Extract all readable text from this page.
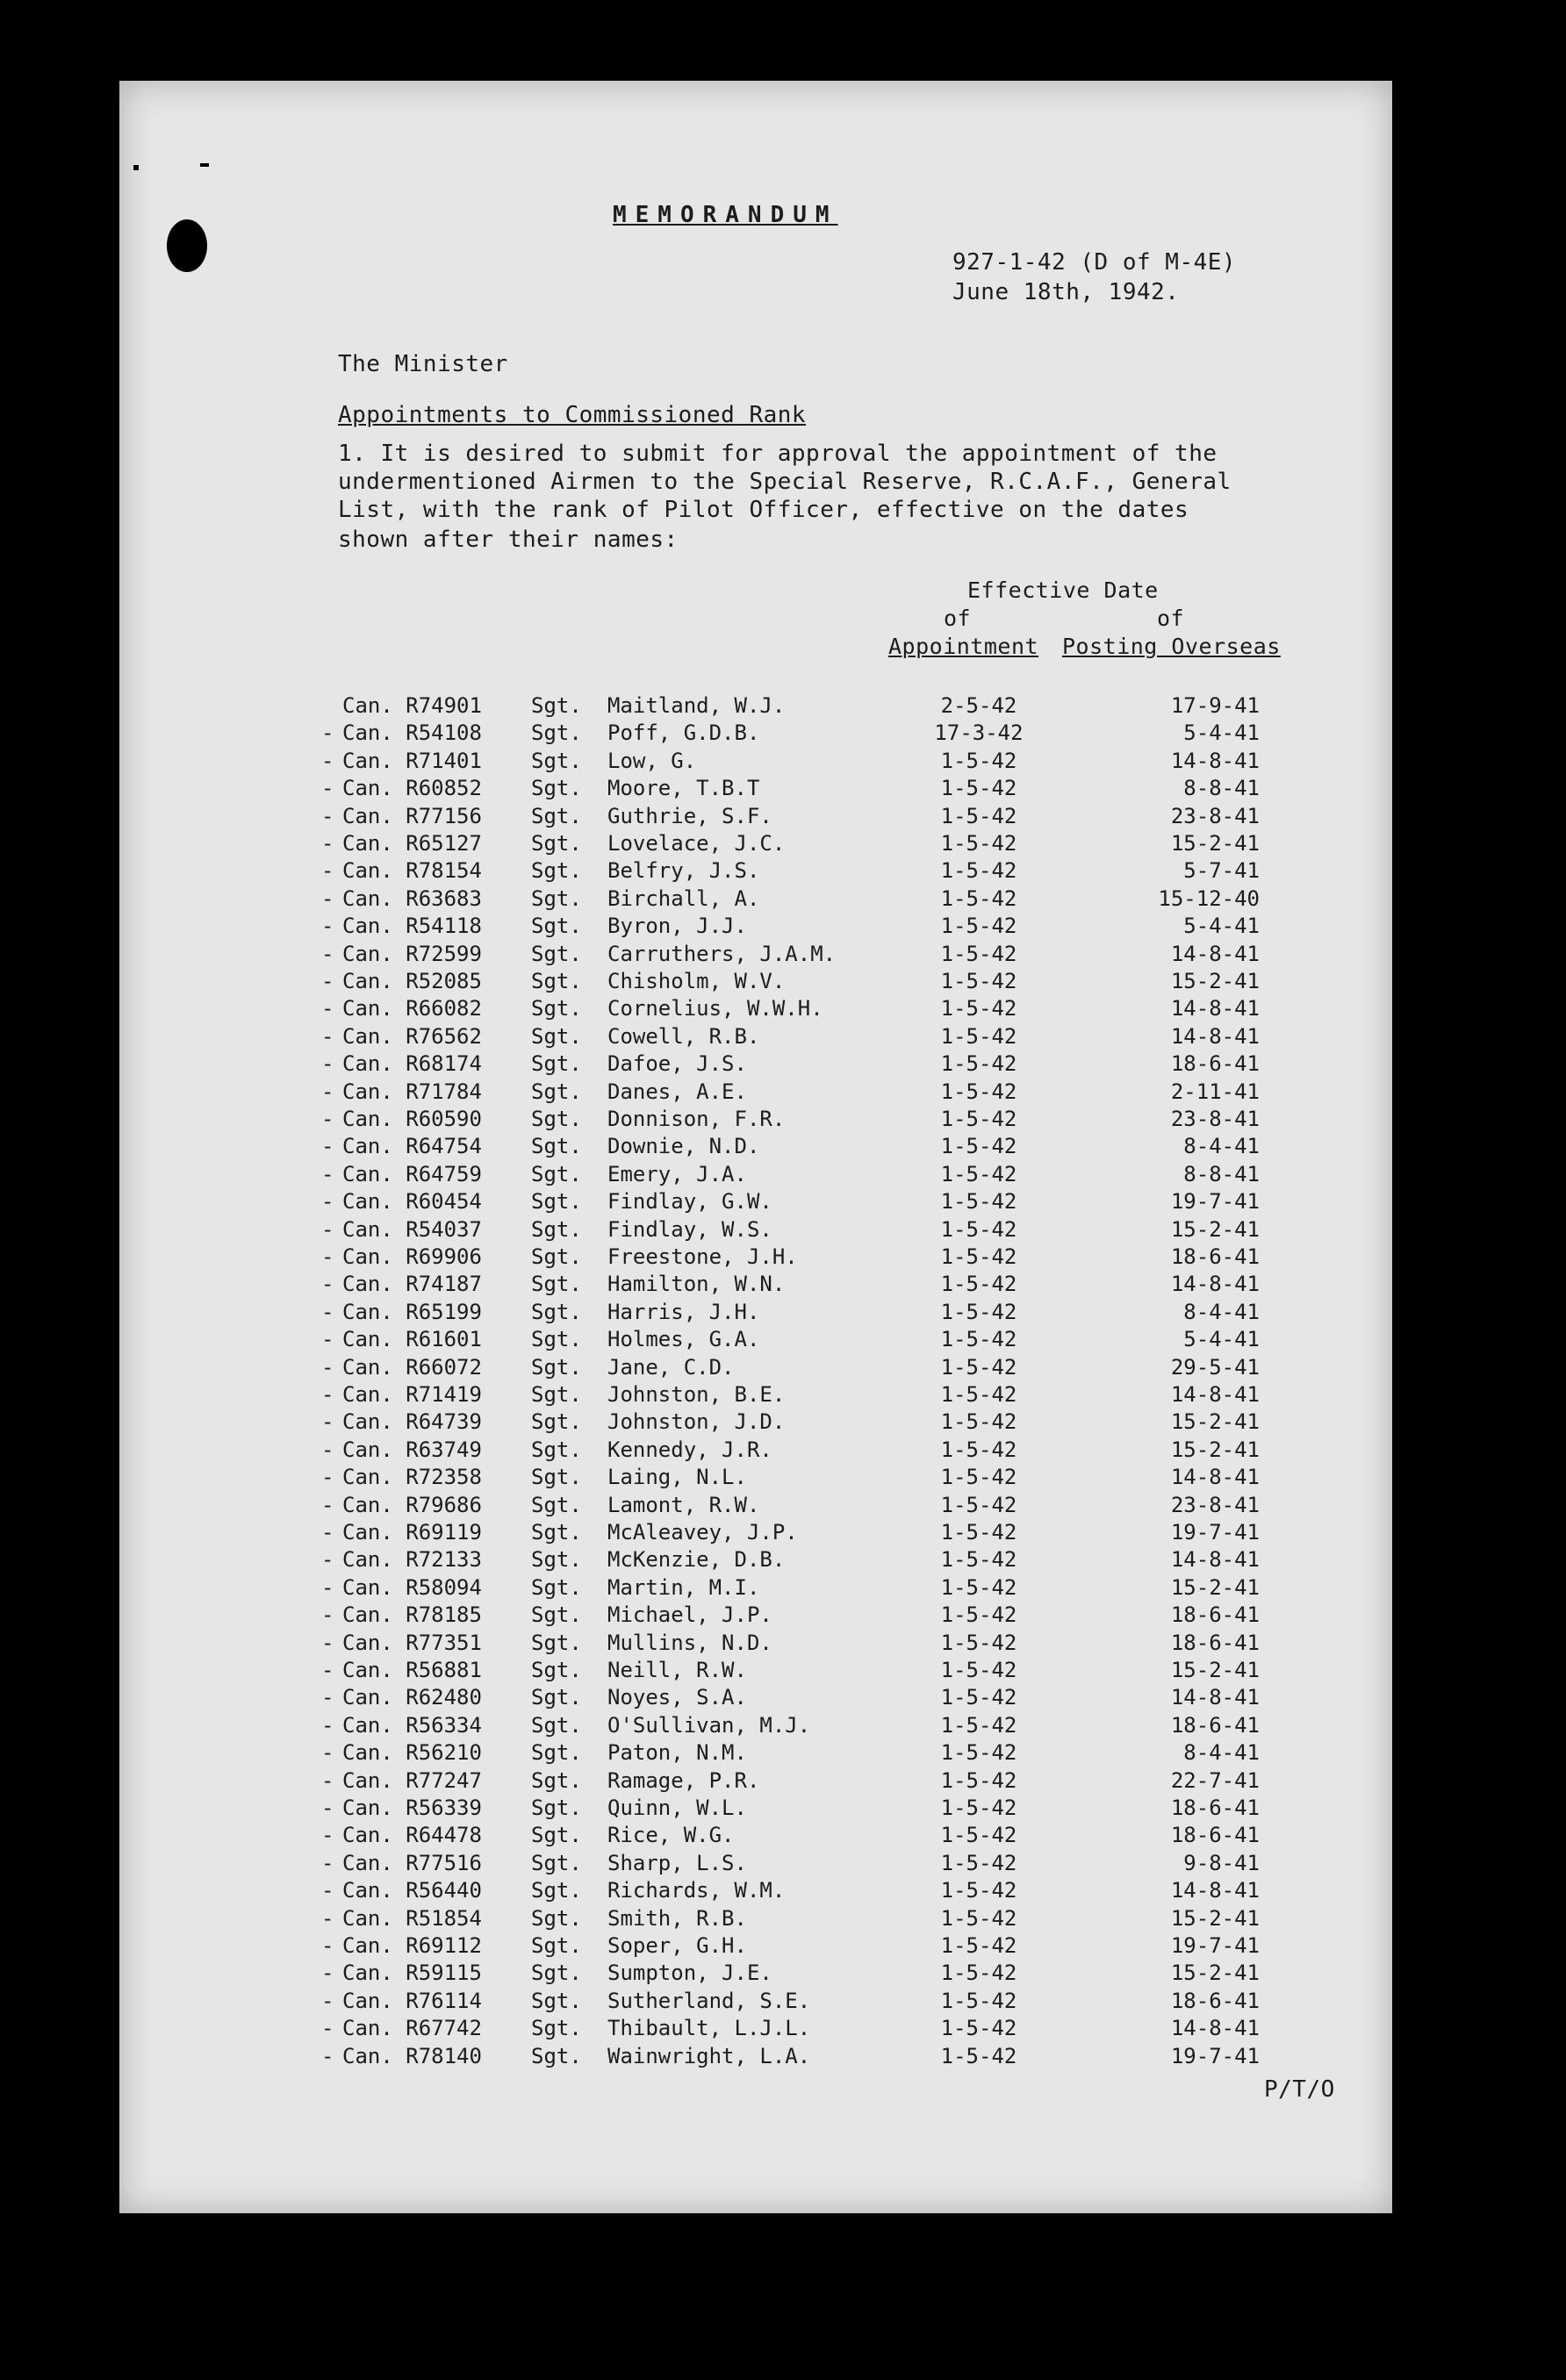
MEMORANDUM
927-1-42 (D of M-4E)
June 18th, 1942.
The Minister
Appointments to Commissioned Rank
1. It is desired to submit for approval the appointment of the
undermentioned Airmen to the Special Reserve, R.C.A.F., General
List, with the rank of Pilot Officer, effective on the dates
shown after their names:
Effective Date
of	of
Appointment Posting Overseas
Can. R74901 Sgt. Maitland, W.J.	2-5-42	17-9-41
- Can. R54108 Sgt. Poff, G.D.B.	17-3-42	5-4-41
- Can. R71401 Sgt. Low, G.	1-5-42	14-8-41
- Can. R60852 Sgt. Moore, T.B.T	1-5-42	8-8-41
- Can. R77156 Sgt. Guthrie, S.F.	1-5-42	23-8-41
- Can. R65127 Sgt. Lovelace, J.C.	1-5-42	15-2-41
- Can. R78154 Sgt. Belfry, J.S.	1-5-42	5-7-41
- Can. R63683 Sgt. Birchall, A.	1-5-42	15-12-40
- Can. R54118 Sgt. Byron, J.J.	1-5-42	5-4-41
- Can. R72599 Sgt. Carruthers, J.A.M.	1-5-42	14-8-41
- Can. R52085 Sgt. Chisholm, W.V.	1-5-42	15-2-41
- Can. R66082 Sgt. Cornelius, W.W.H.	1-5-42	14-8-41
- Can. R76562 Sgt. Cowell, R.B.	1-5-42	14-8-41
- Can. R68174 Sgt. Dafoe, J.S.	1-5-42	18-6-41
- Can. R71784 Sgt. Danes, A.E.	1-5-42	2-11-41
- Can. R60590 Sgt. Donnison, F.R.	1-5-42	23-8-41
- Can. R64754 Sgt. Downie, N.D.	1-5-42	8-4-41
- Can. R64759 Sgt. Emery, J.A.	1-5-42	8-8-41
- Can. R60454 Sgt. Findlay, G.W.	1-5-42	19-7-41
- Can. R54037 Sgt. Findlay, W.S.	1-5-42	15-2-41
- Can. R69906 Sgt. Freestone, J.H.	1-5-42	18-6-41
- Can. R74187 Sgt. Hamilton, W.N.	1-5-42	14-8-41
- Can. R65199 Sgt. Harris, J.H.	1-5-42	8-4-41
- Can. R61601 Sgt. Holmes, G.A.	1-5-42	5-4-41
- Can. R66072 Sgt. Jane, C.D.	1-5-42	29-5-41
- Can. R71419 Sgt. Johnston, B.E.	1-5-42	14-8-41
- Can. R64739 Sgt. Johnston, J.D.	1-5-42	15-2-41
- Can. R63749 Sgt. Kennedy, J.R.	1-5-42	15-2-41
- Can. R72358 Sgt. Laing, N.L.	1-5-42	14-8-41
- Can. R79686 Sgt. Lamont, R.W.	1-5-42	23-8-41
- Can. R69119 Sgt. McAleavey, J.P.	1-5-42	19-7-41
- Can. R72133 Sgt. McKenzie, D.B.	1-5-42	14-8-41
- Can. R58094 Sgt. Martin, M.I.	1-5-42	15-2-41
- Can. R78185 Sgt. Michael, J.P.	1-5-42	18-6-41
- Can. R77351 Sgt. Mullins, N.D.	1-5-42	18-6-41
- Can. R56881 Sgt. Neill, R.W.	1-5-42	15-2-41
- Can. R62480 Sgt. Noyes, S.A.	1-5-42	14-8-41
- Can. R56334 Sgt. O'Sullivan, M.J.	1-5-42	18-6-41
- Can. R56210 Sgt. Paton, N.M.	1-5-42	8-4-41
- Can. R77247 Sgt. Ramage, P.R.	1-5-42	22-7-41
- Can. R56339 Sgt. Quinn, W.L.	1-5-42	18-6-41
- Can. R64478 Sgt. Rice, W.G.	1-5-42	18-6-41
- Can. R77516 Sgt. Sharp, L.S.	1-5-42	9-8-41
- Can. R56440 Sgt. Richards, W.M.	1-5-42	14-8-41
- Can. R51854 Sgt. Smith, R.B.	1-5-42	15-2-41
- Can. R69112 Sgt. Soper, G.H.	1-5-42	19-7-41
- Can. R59115 Sgt. Sumpton, J.E.	1-5-42	15-2-41
- Can. R76114 Sgt. Sutherland, S.E.	1-5-42	18-6-41
- Can. R67742 Sgt. Thibault, L.J.L.	1-5-42	14-8-41
- Can. R78140 Sgt. Wainwright, L.A.	1-5-42	19-7-41
P/T/O
